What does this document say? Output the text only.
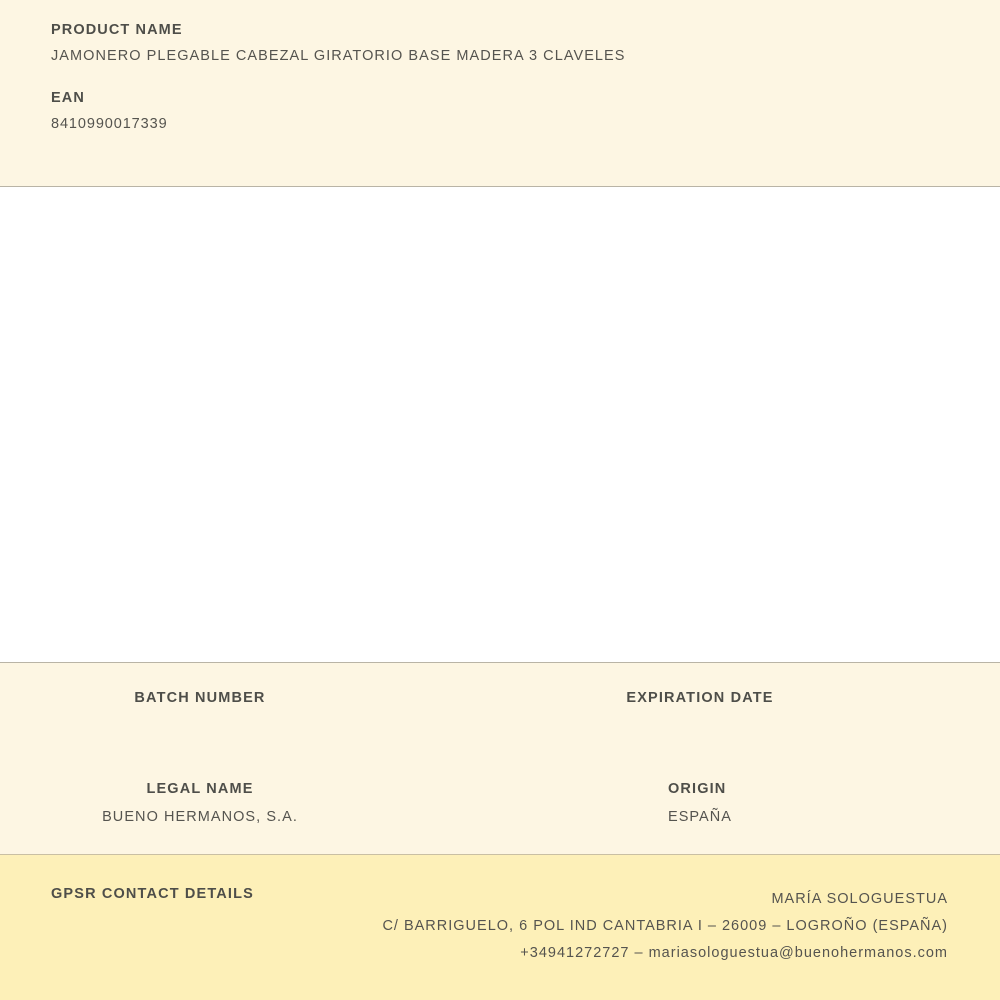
PRODUCT NAME
JAMONERO PLEGABLE CABEZAL GIRATORIO BASE MADERA 3 CLAVELES
EAN
8410990017339
BATCH NUMBER	EXPIRATION DATE
LEGAL NAME
BUENO HERMANOS, S.A.
ORIGIN
ESPAÑA
GPSR CONTACT DETAILS	MARÍA SOLOGUESTUA
C/ BARRIGUELO, 6 POL IND CANTABRIA I – 26009 – LOGROÑO (ESPAÑA)
+34941272727 – mariasologuestua@buenohermanos.com
